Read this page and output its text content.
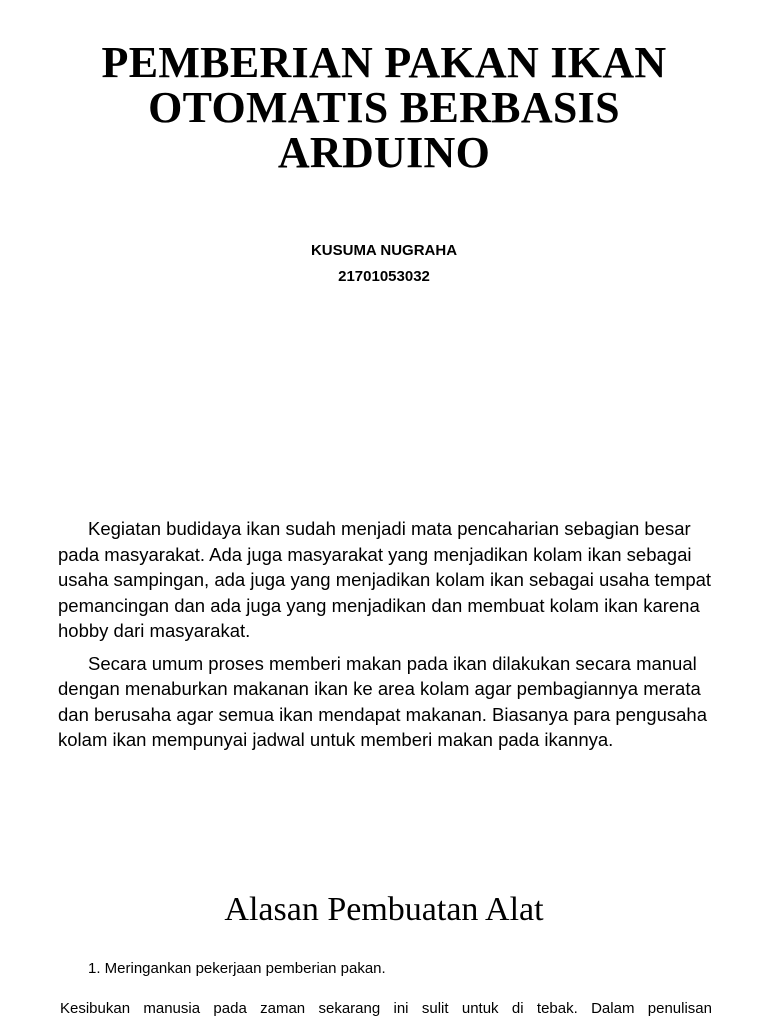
PEMBERIAN PAKAN IKAN
OTOMATIS BERBASIS
ARDUINO
KUSUMA NUGRAHA
21701053032

Kegiatan budidaya ikan sudah menjadi mata pencaharian sebagian besar pada masyarakat. Ada juga masyarakat yang menjadikan kolam ikan sebagai usaha sampingan, ada juga yang menjadikan kolam ikan sebagai usaha tempat pemancingan dan ada juga yang menjadikan dan membuat kolam ikan karena hobby dari masyarakat.

Secara umum proses memberi makan pada ikan dilakukan secara manual dengan menaburkan makanan ikan ke area kolam agar pembagiannya merata dan berusaha agar semua ikan mendapat makanan. Biasanya para pengusaha kolam ikan mempunyai jadwal untuk memberi makan pada ikannya.

Alasan Pembuatan Alat
1. Meringankan pekerjaan pemberian pakan.
Kesibukan manusia pada zaman sekarang ini sulit untuk di tebak. Dalam penulisan
